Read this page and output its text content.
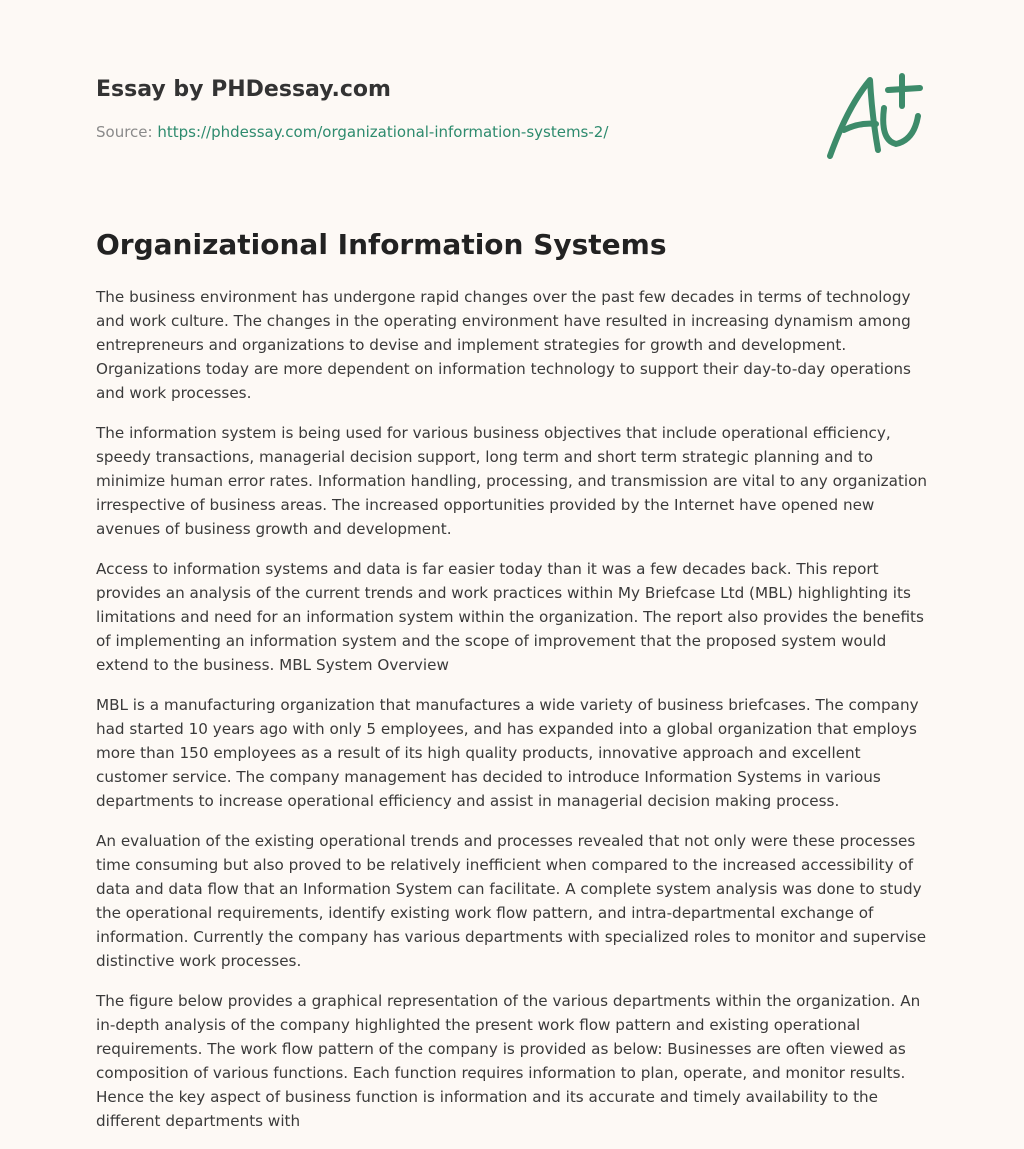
Essay by PHDessay.com
Source: https://phdessay.com/organizational-information-systems-2/
Organizational Information Systems

The business environment has undergone rapid changes over the past few decades in terms of technology and work culture. The changes in the operating environment have resulted in increasing dynamism among entrepreneurs and organizations to devise and implement strategies for growth and development. Organizations today are more dependent on information technology to support their day-to-day operations and work processes.

The information system is being used for various business objectives that include operational efficiency, speedy transactions, managerial decision support, long term and short term strategic planning and to minimize human error rates. Information handling, processing, and transmission are vital to any organization irrespective of business areas. The increased opportunities provided by the Internet have opened new avenues of business growth and development.

Access to information systems and data is far easier today than it was a few decades back. This report provides an analysis of the current trends and work practices within My Briefcase Ltd (MBL) highlighting its limitations and need for an information system within the organization. The report also provides the benefits of implementing an information system and the scope of improvement that the proposed system would extend to the business. MBL System Overview

MBL is a manufacturing organization that manufactures a wide variety of business briefcases. The company had started 10 years ago with only 5 employees, and has expanded into a global organization that employs more than 150 employees as a result of its high quality products, innovative approach and excellent customer service. The company management has decided to introduce Information Systems in various departments to increase operational efficiency and assist in managerial decision making process.

An evaluation of the existing operational trends and processes revealed that not only were these processes time consuming but also proved to be relatively inefficient when compared to the increased accessibility of data and data flow that an Information System can facilitate. A complete system analysis was done to study the operational requirements, identify existing work flow pattern, and intra-departmental exchange of information. Currently the company has various departments with specialized roles to monitor and supervise distinctive work processes.

The figure below provides a graphical representation of the various departments within the organization. An in-depth analysis of the company highlighted the present work flow pattern and existing operational requirements. The work flow pattern of the company is provided as below: Businesses are often viewed as composition of various functions. Each function requires information to plan, operate, and monitor results. Hence the key aspect of business function is information and its accurate and timely availability to the different departments with
